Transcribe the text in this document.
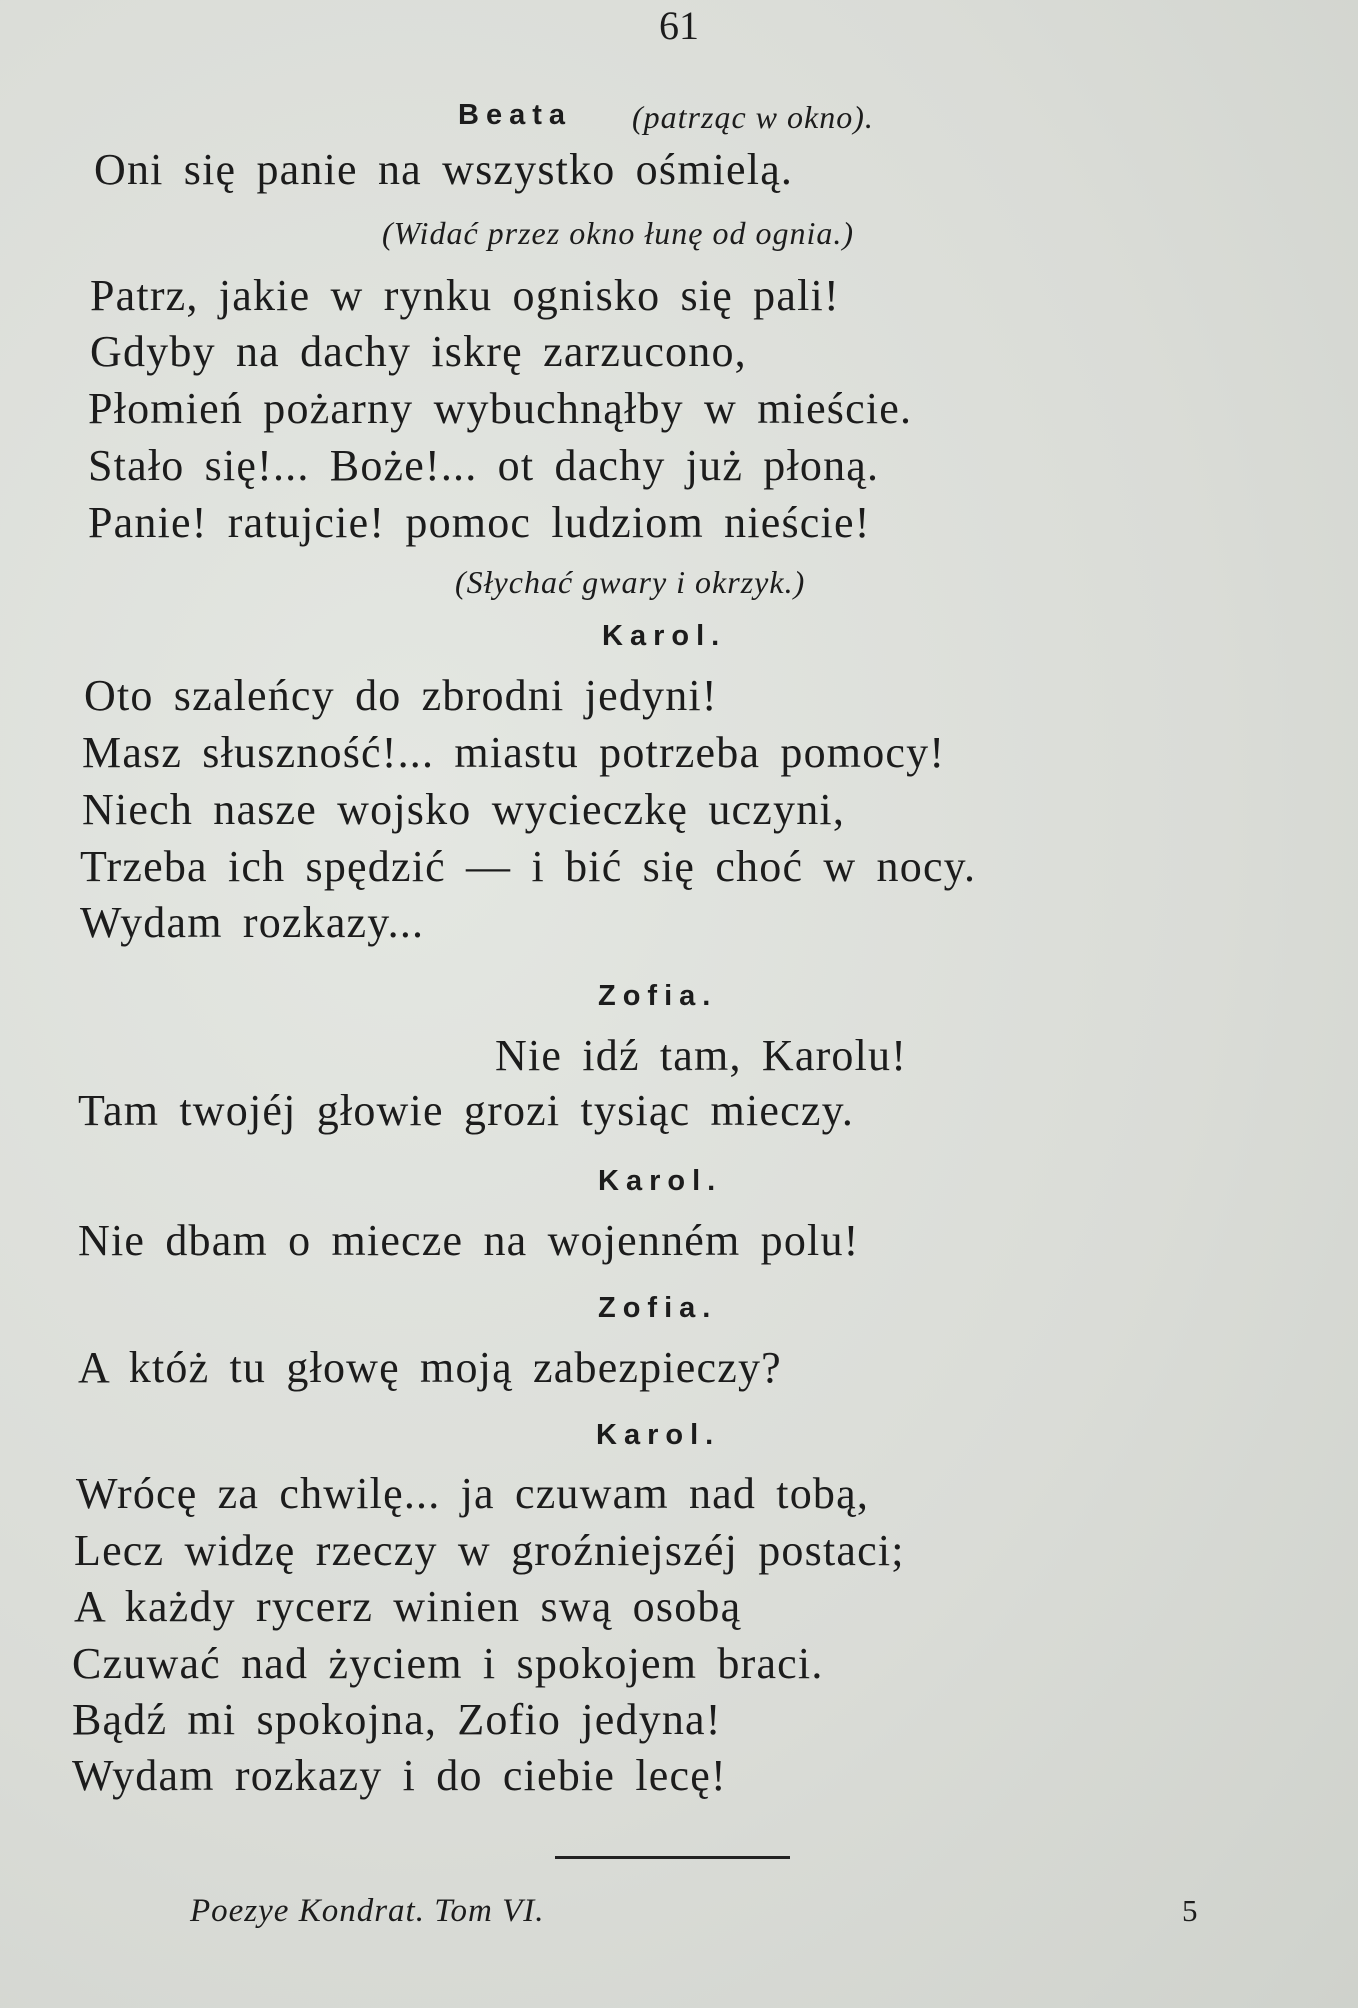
61
Beata (patrząc w okno).
Oni się panie na wszystko ośmielą.
(Widać przez okno łunę od ognia.)
Patrz, jakie w rynku ognisko się pali!
Gdyby na dachy iskrę zarzucono,
Płomień pożarny wybuchnąłby w mieście.
Stało się!... Boże!... ot dachy już płoną.
Panie! ratujcie! pomoc ludziom nieście!
(Słychać gwary i okrzyk.)
Karol.
Oto szaleńcy do zbrodni jedyni!
Masz słuszność!... miastu potrzeba pomocy!
Niech nasze wojsko wycieczkę uczyni,
Trzeba ich spędzić — i bić się choć w nocy.
Wydam rozkazy...
Zofia.
Nie idź tam, Karolu!
Tam twojéj głowie grozi tysiąc mieczy.
Karol.
Nie dbam o miecze na wojenném polu!
Zofia.
A któż tu głowę moją zabezpieczy?
Karol.
Wrócę za chwilę... ja czuwam nad tobą,
Lecz widzę rzeczy w groźniejszéj postaci;
A każdy rycerz winien swą osobą
Czuwać nad życiem i spokojem braci.
Bądź mi spokojna, Zofio jedyna!
Wydam rozkazy i do ciebie lecę!
Poezye Kondrat. Tom VI.	5
